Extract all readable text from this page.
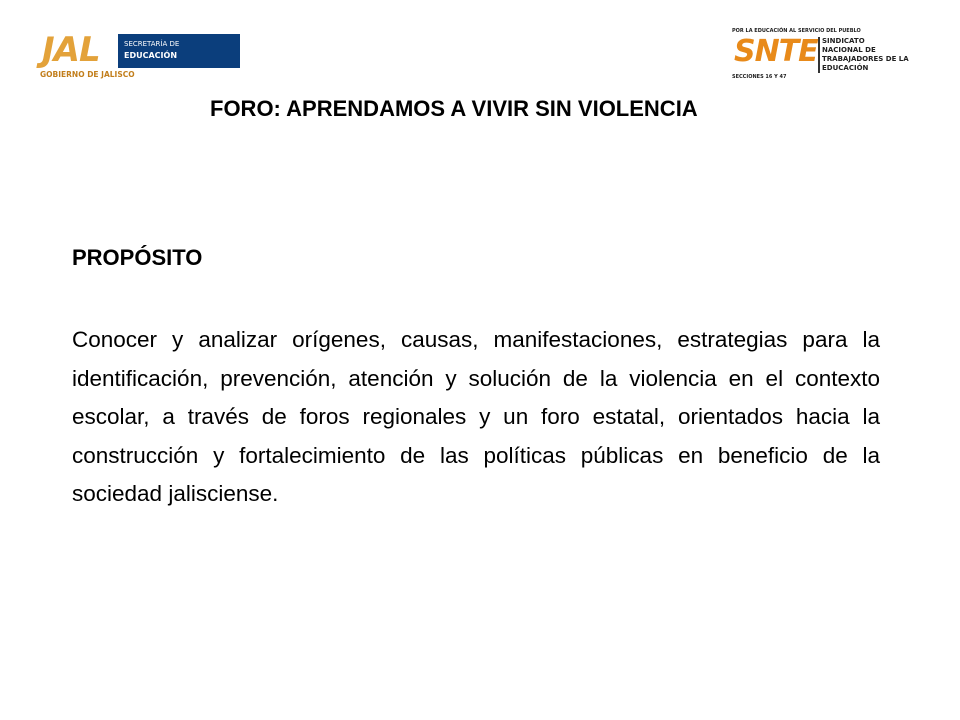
JAL
GOBIERNO DE JALISCO
SECRETARÍA DE
EDUCACIÓN
POR LA EDUCACIÓN AL SERVICIO DEL PUEBLO
SNTE
SECCIONES 16 Y 47
SINDICATO
NACIONAL DE
TRABAJADORES DE LA
EDUCACIÓN
FORO: APRENDAMOS A VIVIR SIN VIOLENCIA
PROPÓSITO
Conocer y analizar orígenes, causas, manifestaciones, estrategias para la identificación, prevención, atención y solución de la violencia en el contexto escolar, a través de foros regionales y un foro estatal, orientados hacia la construcción y fortalecimiento de las políticas públicas en beneficio de la sociedad jalisciense.
